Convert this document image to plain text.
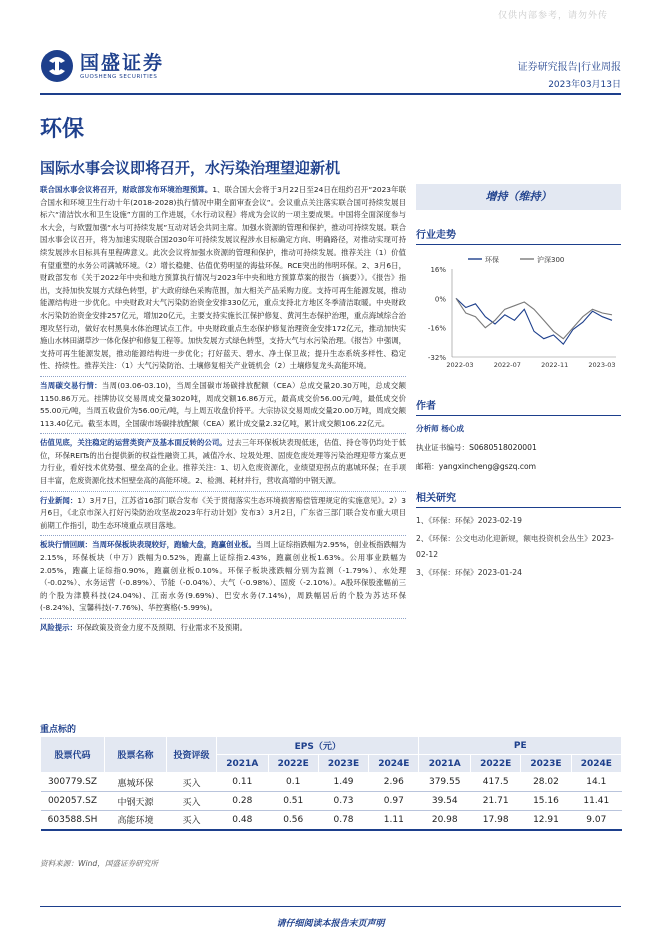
仅供内部参考，请勿外传
国盛证券
GUOSHENG SECURITIES
证券研究报告|行业周报
2023年03月13日
环保
国际水事会议即将召开，水污染治理望迎新机
联合国水事会议将召开，财政部发布环境治理预算。1、联合国大会将于3月22日至24日在纽约召开“2023年联合国水和环境卫生行动十年(2018-2028)执行情况中期全面审查会议”。会议重点关注落实联合国可持续发展目标六“清洁饮水和卫生设施”方面的工作进展，《水行动议程》将成为会议的一项主要成果。中国将全面深度参与水大会，与欧盟加强“水与可持续发展”互动对话会共同主席。加强水资源的管理和保护，推动可持续发展。联合国水事会议召开，将为加速实现联合国2030年可持续发展议程涉水目标确定方向、明确路径，对推动实现可持续发展涉水目标具有里程碑意义。此次会议将加强水资源的管理和保护，推动可持续发展。推荐关注（1）价值有望重塑的水务公司满城环境。（2）增长稳健、估值优势明显的海盐环保。RCE突出的伟明环保。2、3月6日，财政部发布《关于2022年中央和地方预算执行情况与2023年中央和地方预算草案的报告（摘要）》。《报告》指出，支持加快发展方式绿色转型，扩大政府绿色采购范围，加大相关产品采购力度。支持可再生能源发展，推动能源结构进一步优化。中央财政对大气污染防治资金安排330亿元，重点支持北方地区冬季清洁取暖。中央财政水污染防治资金安排257亿元，增加20亿元，主要支持实施长江保护修复、黄河生态保护治理，重点海域综合治理攻坚行动，做好农村黑臭水体治理试点工作。中央财政重点生态保护修复治理资金安排172亿元，推动加快实施山水林田湖草沙一体化保护和修复工程等。加快发展方式绿色转型，支持大气与水污染治理。《报告》中强调，支持可再生能源发展，推动能源结构进一步优化；打好蓝天、碧水、净土保卫战；提升生态系统多样性、稳定性、持续性。推荐关注：（1）大气污染防治、土壤修复相关产业链机会（2）土壤修复龙头高能环境。
当周碳交易行情：当周(03.06-03.10)，当周全国碳市场碳排放配额（CEA）总成交量20.30万吨，总成交额1150.86万元。挂牌协议交易周成交量3020吨，周成交额16.86万元，最高成交价56.00元/吨，最低成交价55.00元/吨，当周五收盘价为56.00元/吨，与上周五收盘价持平。大宗协议交易周成交量20.00万吨，周成交额113.40亿元。截至本周，全国碳市场碳排放配额（CEA）累计成交量2.32亿吨，累计成交额106.22亿元。
估值见底，关注稳定的运营类资产及基本面反转的公司。过去三年环保板块表现低迷，估值、持仓等仍均处于低位，环保REITs的出台提供新的权益性融资工具，减值冷水、垃圾处理、固废危废处理等污染治理迎带方案点更力行业，看好技术优势强、壁垒高的企业。推荐关注：1、切入危废资源化，业绩望迎拐点的惠城环保；在手项目丰富，危废资源化技术恒壁垒高的高能环境。2、检测、耗材并行，营收高增的中钢天源。
行业新闻：1）3月7日，江苏省16部门联合发布《关于贯彻落实生态环境损害赔偿管理规定的实施意见》。2）3月6日，《北京市深入打好污染防治攻坚战2023年行动计划》发布3）3月2日，广东省三部门联合发布重大项目前期工作指引，助生态环境重点项目落地。
板块行情回顾：当周环保板块表现较好，跑输大盘，跑赢创业板。当周上证综指跌幅为2.95%，创业板指跌幅为2.15%，环保板块（中万）跌幅为0.52%，跑赢上证综指2.43%，跑赢创业板1.63%。公用事业跌幅为2.05%，跑赢上证综指0.90%，跑赢创业板0.10%。环保子板块涨跌幅分别为监测（-1.79%）、水处理（-0.02%）、水务运营（-0.89%）、节能（-0.04%）、大气（-0.98%）、固废（-2.10%）。A股环保股涨幅前三的个股为津膜科技(24.04%)、江南水务(9.69%)、巴安水务(7.14%)，周跌幅居后的个股为苏达环保(-8.24%)、宝馨科技(-7.76%)、华控赛格(-5.99%)。
风险提示：环保政策及资金力度不及预期、行业需求不及预期。
增持（维持）
行业走势
16%
0%
-16%
-32%
2022-03	2022-07	2022-11	2023-03
环保	沪深300
作者
分析师 杨心成
执业证书编号：S0680518020001
邮箱：yangxincheng@gszq.com
相关研究
1、《环保：环保》2023-02-19
2、《环保：公交电动化迎新规，额电投资机会丛生》2023-02-12
3、《环保：环保》2023-01-24
重点标的
股票代码	股票名称	投资评级	EPS（元）				PE			
			2021A	2022E	2023E	2024E	2021A	2022E	2023E	2024E
300779.SZ	惠城环保	买入	0.11	0.1	1.49	2.96	379.55	417.5	28.02	14.1
002057.SZ	中钢天源	买入	0.28	0.51	0.73	0.97	39.54	21.71	15.16	11.41
603588.SH	高能环境	买入	0.48	0.56	0.78	1.11	20.98	17.98	12.91	9.07
资料来源：Wind，国盛证券研究所
请仔细阅读本报告末页声明
